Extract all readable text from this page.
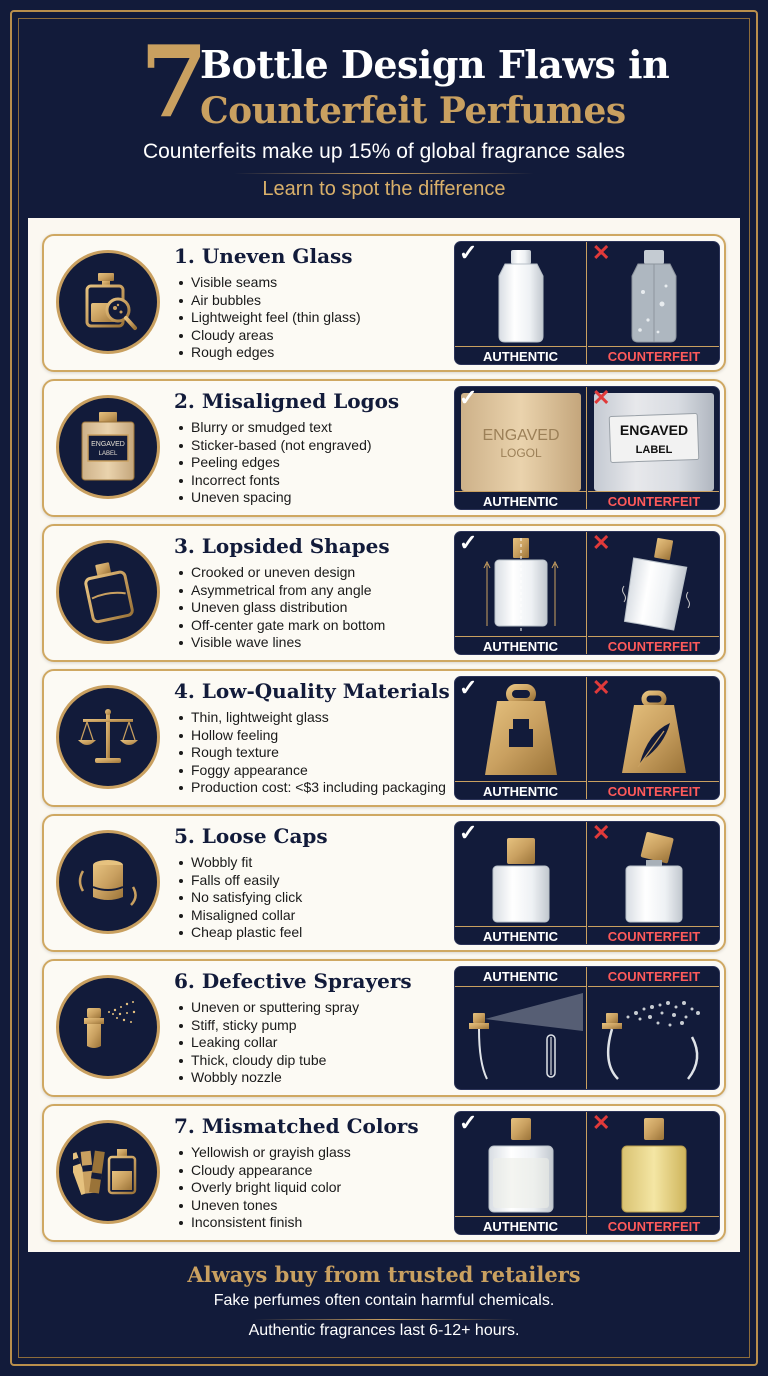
7
Bottle Design Flaws in
Counterfeit Perfumes
Counterfeits make up 15% of global fragrance sales
Learn to spot the difference
1. Uneven Glass
Visible seams
Air bubbles
Lightweight feel (thin glass)
Cloudy areas
Rough edges
✓
AUTHENTIC
✕
COUNTERFEIT
ENGAVED
LABEL
2. Misaligned Logos
Blurry or smudged text
Sticker-based (not engraved)
Peeling edges
Incorrect fonts
Uneven spacing
ENGAVED
LOGOL
✓
AUTHENTIC
ENGAVED
LABEL
✕
COUNTERFEIT
3. Lopsided Shapes
Crooked or uneven design
Asymmetrical from any angle
Uneven glass distribution
Off-center gate mark on bottom
Visible wave lines
✓
AUTHENTIC
✕
COUNTERFEIT
4. Low-Quality Materials
Thin, lightweight glass
Hollow feeling
Rough texture
Foggy appearance
Production cost: <$3 including packaging
✓
AUTHENTIC
✕
COUNTERFEIT
5. Loose Caps
Wobbly fit
Falls off easily
No satisfying click
Misaligned collar
Cheap plastic feel
✓
AUTHENTIC
✕
COUNTERFEIT
6. Defective Sprayers
Uneven or sputtering spray
Stiff, sticky pump
Leaking collar
Thick, cloudy dip tube
Wobbly nozzle
AUTHENTIC	COUNTERFEIT
7. Mismatched Colors
Yellowish or grayish glass
Cloudy appearance
Overly bright liquid color
Uneven tones
Inconsistent finish
✓
AUTHENTIC
✕
COUNTERFEIT
Always buy from trusted retailers
Fake perfumes often contain harmful chemicals.
Authentic fragrances last 6-12+ hours.
